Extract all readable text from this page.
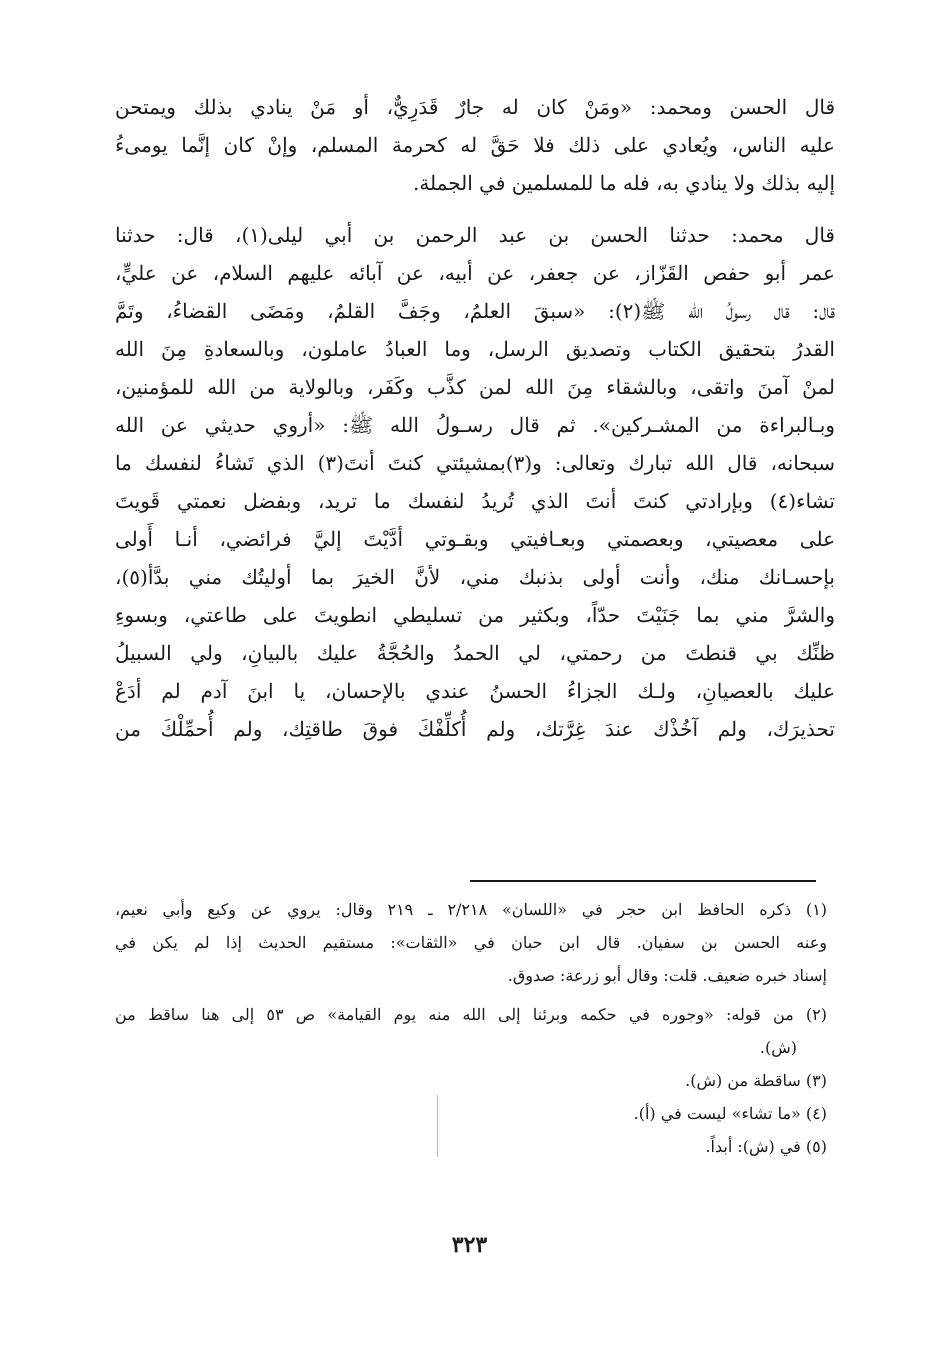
قال الحسن ومحمد: «ومَنْ كان له جارٌ قَدَرِيٌّ، أو مَنْ ينادي بذلك ويمتحن
عليه الناس، ويُعادي على ذلك فلا حَقَّ له كحرمة المسلم، وإنْ كان إنَّما يومىءُ
إليه بذلك ولا ينادي به، فله ما للمسلمين في الجملة.

قال محمد: حدثنا الحسن بن عبد الرحمن بن أبي ليلى(١)، قال: حدثنا
عمر أبو حفص القَزّاز، عن جعفر، عن أبيه، عن آبائه عليهم السلام، عن عليٍّ،
قال: قال رسولُ الله ﷺ(٢): «سبقَ العلمُ، وجَفَّ القلمُ، ومَضَى القضاءُ، وتَمَّ
القدرُ بتحقيق الكتاب وتصديق الرسل، وما العبادُ عاملون، وبالسعادةِ مِنَ الله
لمنْ آمنَ واتقى، وبالشقاء مِنَ الله لمن كذَّب وكَفَر، وبالولاية من الله للمؤمنين،
وبـالبراءة من المشـركين». ثم قال رسـولُ الله ﷺ: «أروي حديثي عن الله
سبحانه، قال الله تبارك وتعالى: و(٣)بمشيئتي كنتَ أنتَ(٣) الذي تَشاءُ لنفسك ما
تشاء(٤) وبإرادتي كنتَ أنتَ الذي تُريدُ لنفسك ما تريد، وبفضل نعمتي قَويتَ
على معصيتي، وبعصمتي وبعـافيتي وبقـوتي أدَّيْتَ إليَّ فرائضي، أنـا أَولى
بإحسـانك منك، وأنت أولى بذنبك مني، لأنَّ الخيرَ بما أوليتُك مني بدَّأ(٥)،
والشرَّ مني بما جَنَيْتَ حدّاً، وبكثير من تسليطي انطويتَ على طاعتي، وبسوءِ
ظنِّك بي قنطتَ من رحمتي، لي الحمدُ والحُجَّةُ عليك بالبيانِ، ولي السبيلُ
عليك بالعصيانِ، ولـك الجزاءُ الحسنُ عندي بالإحسان، يا ابنَ آدم لم أدَعْ
تحذيرَك، ولم آخُذْك عندَ غِرَّتك، ولم أُكلِّفْكَ فوقَ طاقتِك، ولم أُحمِّلْكَ من

(١) ذكره الحافظ ابن حجر في «اللسان» ٢/٢١٨ ـ ٢١٩ وقال: يروي عن وكيع وأبي نعيم،
وعنه الحسن بن سفيان. قال ابن حبان في «الثقات»: مستقيم الحديث إذا لم يكن في
إسناد خبره ضعيف. قلت: وقال أبو زرعة: صدوق.

(٢) من قوله: «وجوره في حكمه وبرئنا إلى الله منه يوم القيامة» ص ٥٣ إلى هنا ساقط من
(ش).

(٣) ساقطة من (ش).

(٤) «ما تشاء» ليست في (أ).

(٥) في (ش): أبداً.

٣٢٣
